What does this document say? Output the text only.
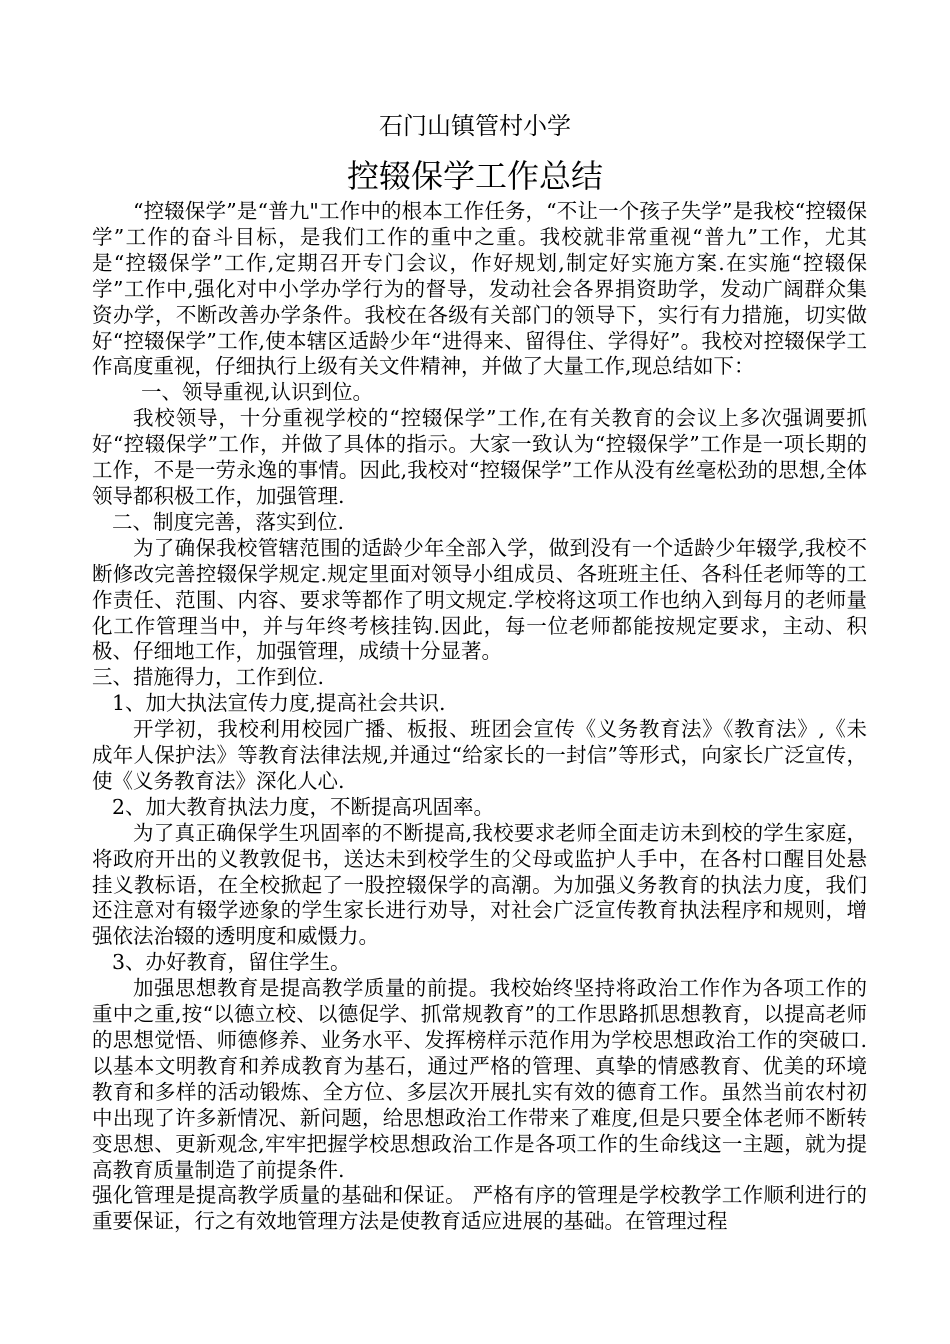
石门山镇管村小学
控辍保学工作总结

“控辍保学”是“普九"工作中的根本工作任务，“不让一个孩子失学”是我校“控辍保学”工作的奋斗目标，是我们工作的重中之重。我校就非常重视“普九”工作，尤其是“控辍保学”工作,定期召开专门会议，作好规划,制定好实施方案.在实施“控辍保学”工作中,强化对中小学办学行为的督导，发动社会各界捐资助学，发动广阔群众集资办学，不断改善办学条件。我校在各级有关部门的领导下，实行有力措施，切实做好“控辍保学”工作,使本辖区适龄少年“进得来、留得住、学得好”。我校对控辍保学工作高度重视，仔细执行上级有关文件精神，并做了大量工作,现总结如下：

一、领导重视,认识到位。

我校领导，十分重视学校的“控辍保学”工作,在有关教育的会议上多次强调要抓好“控辍保学”工作，并做了具体的指示。大家一致认为“控辍保学”工作是一项长期的工作，不是一劳永逸的事情。因此,我校对“控辍保学”工作从没有丝毫松劲的思想,全体领导都积极工作，加强管理.

二、制度完善，落实到位.

为了确保我校管辖范围的适龄少年全部入学，做到没有一个适龄少年辍学,我校不断修改完善控辍保学规定.规定里面对领导小组成员、各班班主任、各科任老师等的工作责任、范围、内容、要求等都作了明文规定.学校将这项工作也纳入到每月的老师量化工作管理当中，并与年终考核挂钩.因此，每一位老师都能按规定要求，主动、积极、仔细地工作，加强管理，成绩十分显著。

三、措施得力，工作到位.

1、加大执法宣传力度,提高社会共识.

开学初，我校利用校园广播、板报、班团会宣传《义务教育法》《教育法》,《未成年人保护法》等教育法律法规,并通过“给家长的一封信”等形式，向家长广泛宣传，使《义务教育法》深化人心.

2、加大教育执法力度，不断提高巩固率。

为了真正确保学生巩固率的不断提高,我校要求老师全面走访未到校的学生家庭，将政府开出的义教敦促书，送达未到校学生的父母或监护人手中，在各村口醒目处悬挂义教标语，在全校掀起了一股控辍保学的高潮。为加强义务教育的执法力度，我们还注意对有辍学迹象的学生家长进行劝导，对社会广泛宣传教育执法程序和规则，增强依法治辍的透明度和威慑力。

3、办好教育，留住学生。

加强思想教育是提高教学质量的前提。我校始终坚持将政治工作作为各项工作的重中之重,按“以德立校、以德促学、抓常规教育”的工作思路抓思想教育，以提高老师的思想觉悟、师德修养、业务水平、发挥榜样示范作用为学校思想政治工作的突破口.以基本文明教育和养成教育为基石，通过严格的管理、真挚的情感教育、优美的环境教育和多样的活动锻炼、全方位、多层次开展扎实有效的德育工作。虽然当前农村初中出现了许多新情况、新问题，给思想政治工作带来了难度,但是只要全体老师不断转变思想、更新观念,牢牢把握学校思想政治工作是各项工作的生命线这一主题，就为提高教育质量制造了前提条件.

强化管理是提高教学质量的基础和保证。 严格有序的管理是学校教学工作顺利进行的重要保证，行之有效地管理方法是使教育适应进展的基础。在管理过程
